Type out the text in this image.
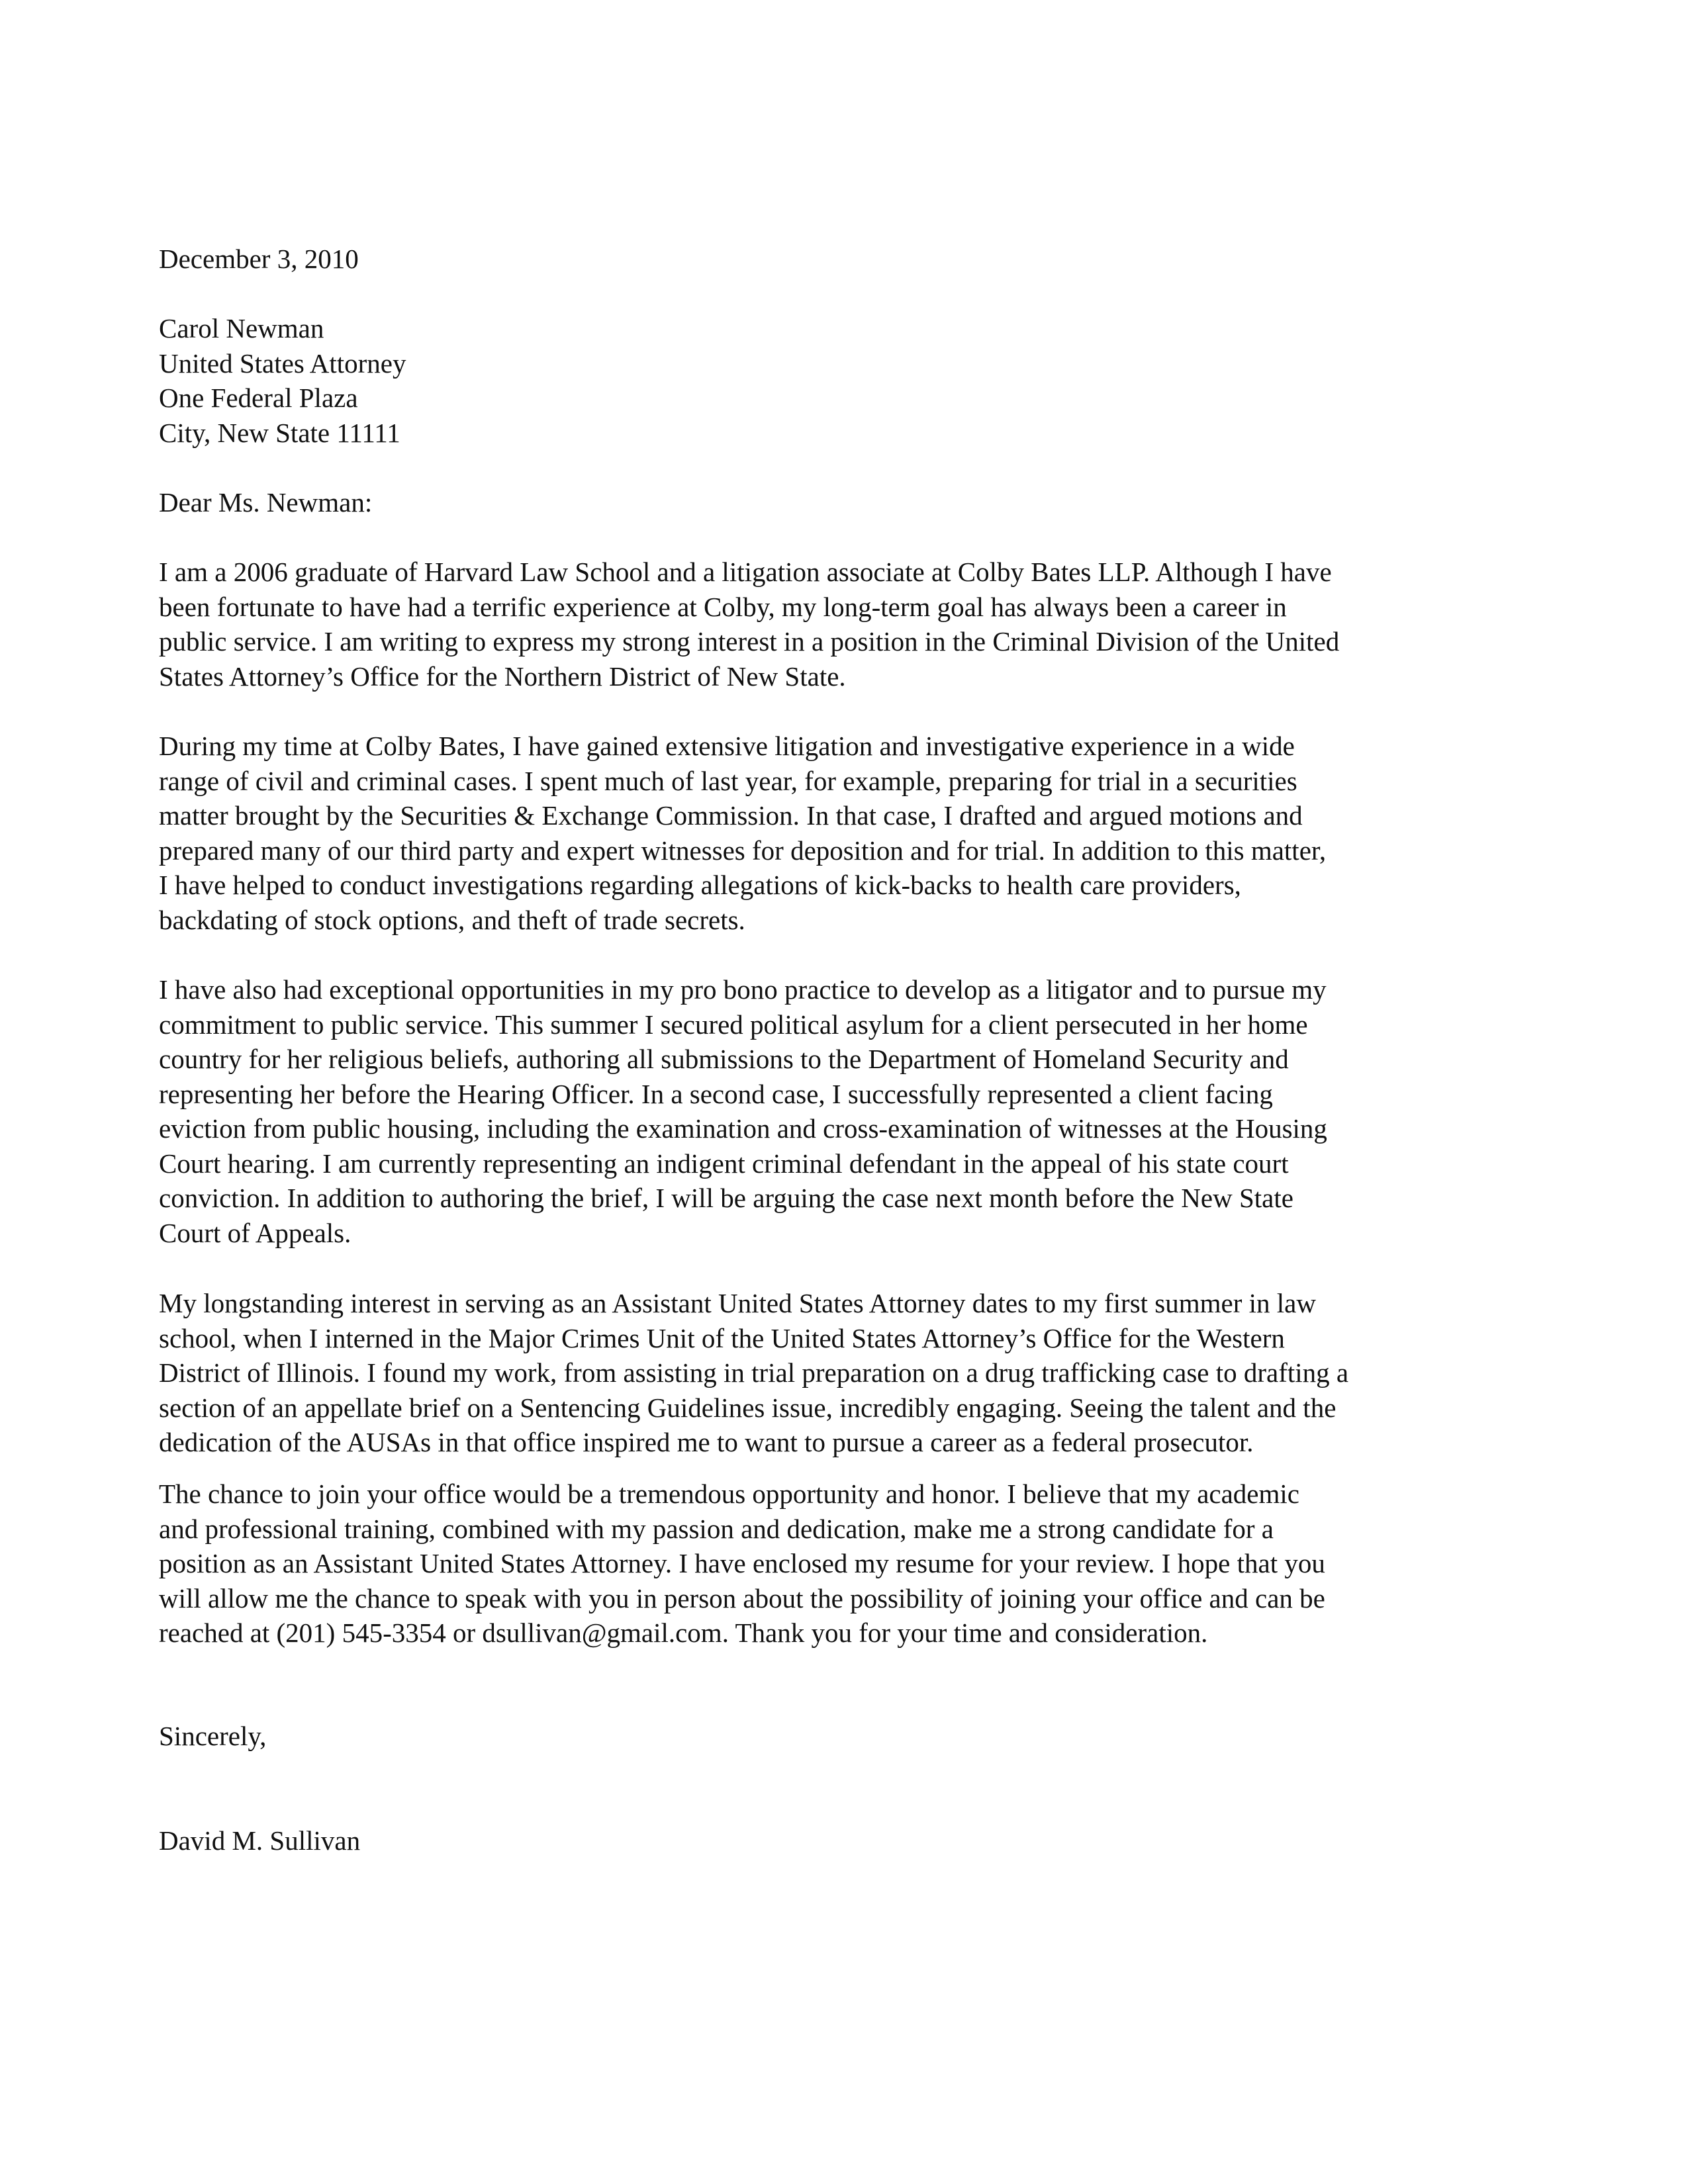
December 3, 2010
Carol Newman
United States Attorney
One Federal Plaza
City, New State 11111
Dear Ms. Newman:
I am a 2006 graduate of Harvard Law School and a litigation associate at Colby Bates LLP. Although I have
been fortunate to have had a terrific experience at Colby, my long-term goal has always been a career in
public service. I am writing to express my strong interest in a position in the Criminal Division of the United
States Attorney’s Office for the Northern District of New State.
During my time at Colby Bates, I have gained extensive litigation and investigative experience in a wide
range of civil and criminal cases. I spent much of last year, for example, preparing for trial in a securities
matter brought by the Securities & Exchange Commission. In that case, I drafted and argued motions and
prepared many of our third party and expert witnesses for deposition and for trial. In addition to this matter,
I have helped to conduct investigations regarding allegations of kick-backs to health care providers,
backdating of stock options, and theft of trade secrets.
I have also had exceptional opportunities in my pro bono practice to develop as a litigator and to pursue my
commitment to public service. This summer I secured political asylum for a client persecuted in her home
country for her religious beliefs, authoring all submissions to the Department of Homeland Security and
representing her before the Hearing Officer. In a second case, I successfully represented a client facing
eviction from public housing, including the examination and cross-examination of witnesses at the Housing
Court hearing. I am currently representing an indigent criminal defendant in the appeal of his state court
conviction. In addition to authoring the brief, I will be arguing the case next month before the New State
Court of Appeals.
My longstanding interest in serving as an Assistant United States Attorney dates to my first summer in law
school, when I interned in the Major Crimes Unit of the United States Attorney’s Office for the Western
District of Illinois. I found my work, from assisting in trial preparation on a drug trafficking case to drafting a
section of an appellate brief on a Sentencing Guidelines issue, incredibly engaging. Seeing the talent and the
dedication of the AUSAs in that office inspired me to want to pursue a career as a federal prosecutor.
The chance to join your office would be a tremendous opportunity and honor. I believe that my academic
and professional training, combined with my passion and dedication, make me a strong candidate for a
position as an Assistant United States Attorney. I have enclosed my resume for your review. I hope that you
will allow me the chance to speak with you in person about the possibility of joining your office and can be
reached at (201) 545-3354 or dsullivan@gmail.com. Thank you for your time and consideration.
Sincerely,
David M. Sullivan
